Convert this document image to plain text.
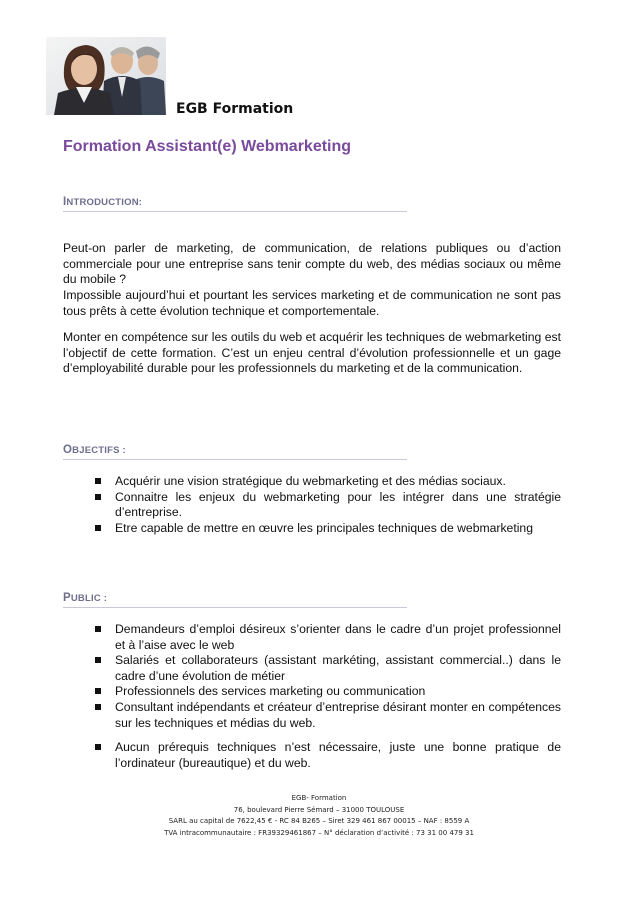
EGB Formation
Formation Assistant(e) Webmarketing
INTRODUCTION:

Peut-on parler de marketing, de communication, de relations publiques ou d’action commerciale pour une entreprise sans tenir compte du web, des médias sociaux ou même du mobile ?

Impossible aujourd’hui et pourtant les services marketing et de communication ne sont pas tous prêts à cette évolution technique et comportementale.

Monter en compétence sur les outils du web et acquérir les techniques de webmarketing est l’objectif de cette formation. C’est un enjeu central d’évolution professionnelle et un gage d’employabilité durable pour les professionnels du marketing et de la communication.

OBJECTIFS :
Acquérir une vision stratégique du webmarketing et des médias sociaux.
Connaitre les enjeux du webmarketing pour les intégrer dans une stratégie d’entreprise.
Etre capable de mettre en œuvre les principales techniques de webmarketing
PUBLIC :
Demandeurs d’emploi désireux s’orienter dans le cadre d’un projet professionnel et à l’aise avec le web
Salariés et collaborateurs (assistant markéting, assistant commercial..) dans le cadre d’une évolution de métier
Professionnels des services marketing ou communication
Consultant indépendants et créateur d’entreprise désirant monter en compétences sur les techniques et médias du web.
Aucun prérequis techniques n’est nécessaire, juste une bonne pratique de l’ordinateur (bureautique) et du web.
EGB- Formation
76, boulevard Pierre Sémard – 31000 TOULOUSE
SARL au capital de 7622,45 € - RC 84 B265 – Siret 329 461 867 00015 – NAF : 8559 A
TVA intracommunautaire : FR39329461867 – N° déclaration d’activité : 73 31 00 479 31
